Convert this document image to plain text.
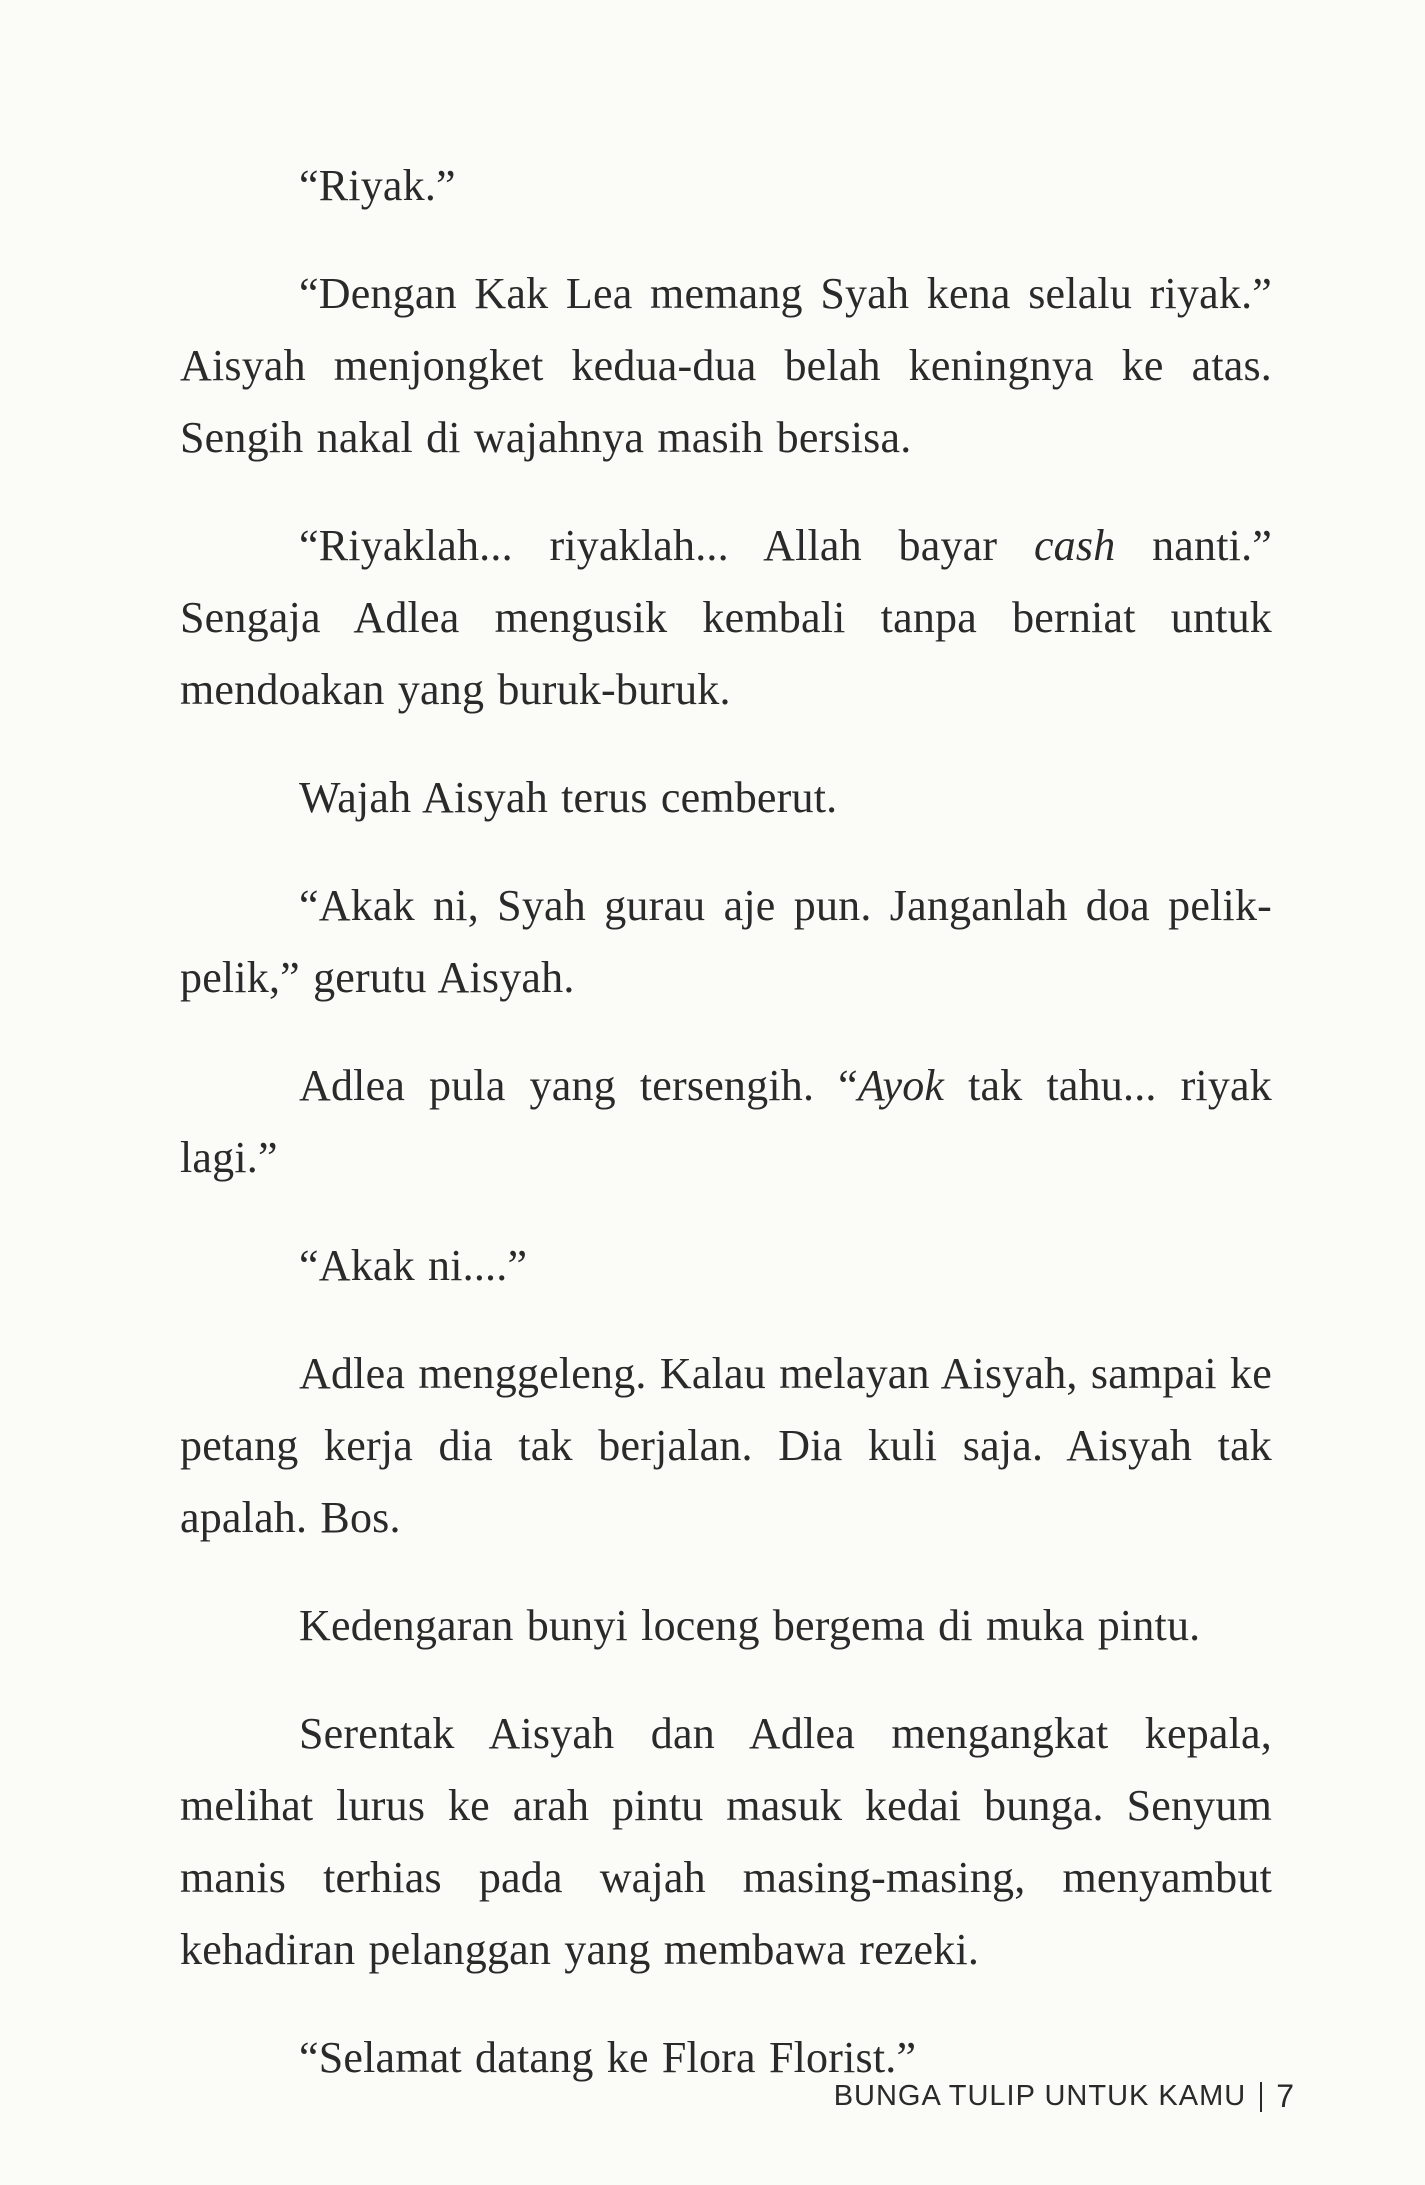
“Riyak.”

“Dengan Kak Lea memang Syah kena selalu riyak.” Aisyah menjongket kedua-dua belah keningnya ke atas. Sengih nakal di wajahnya masih bersisa.

“Riyaklah... riyaklah... Allah bayar cash nanti.” Sengaja Adlea mengusik kembali tanpa berniat untuk mendoakan yang buruk-buruk.

Wajah Aisyah terus cemberut.

“Akak ni, Syah gurau aje pun. Janganlah doa pelik-pelik,” gerutu Aisyah.

Adlea pula yang tersengih. “Ayok tak tahu... riyak lagi.”

“Akak ni....”

Adlea menggeleng. Kalau melayan Aisyah, sampai ke petang kerja dia tak berjalan. Dia kuli saja. Aisyah tak apalah. Bos.

Kedengaran bunyi loceng bergema di muka pintu.

Serentak Aisyah dan Adlea mengangkat kepala, melihat lurus ke arah pintu masuk kedai bunga. Senyum manis terhias pada wajah masing-masing, menyambut kehadiran pelanggan yang membawa rezeki.

“Selamat datang ke Flora Florist.”

BUNGA TULIP UNTUK KAMU 7
